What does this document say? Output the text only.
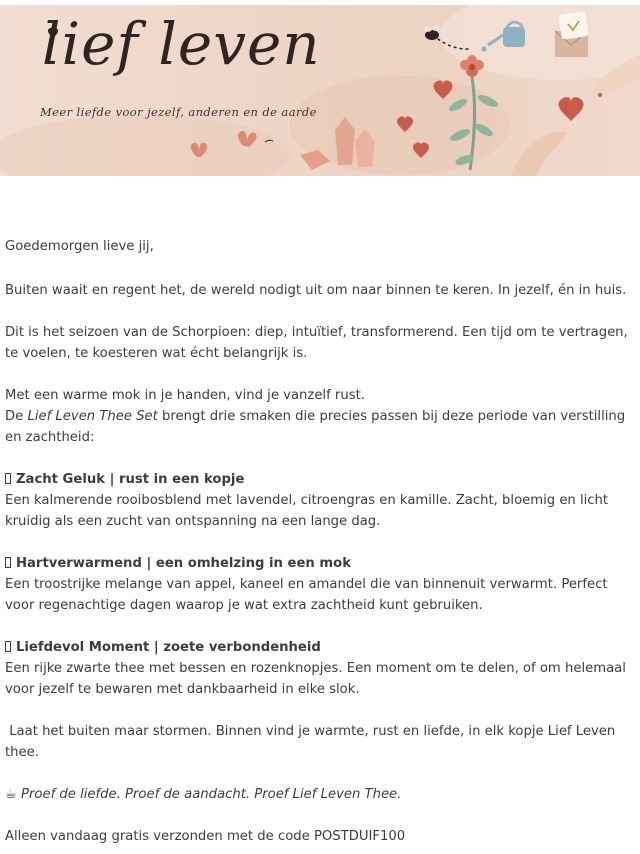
lief leven
Meer liefde voor jezelf, anderen en de aarde

Goedemorgen lieve jij,

Buiten waait en regent het, de wereld nodigt uit om naar binnen te keren. In jezelf, én in huis.

Dit is het seizoen van de Schorpioen: diep, intuïtief, transformerend. Een tijd om te vertragen, te voelen, te koesteren wat écht belangrijk is.

Met een warme mok in je handen, vind je vanzelf rust.
De Lief Leven Thee Set brengt drie smaken die precies passen bij deze periode van verstilling en zachtheid:

Zacht Geluk | rust in een kopje
Een kalmerende rooibosblend met lavendel, citroengras en kamille. Zacht, bloemig en licht kruidig als een zucht van ontspanning na een lange dag.

Hartverwarmend | een omhelzing in een mok
Een troostrijke melange van appel, kaneel en amandel die van binnenuit verwarmt. Perfect voor regenachtige dagen waarop je wat extra zachtheid kunt gebruiken.

Liefdevol Moment | zoete verbondenheid
Een rijke zwarte thee met bessen en rozenknopjes. Een moment om te delen, of om helemaal voor jezelf te bewaren met dankbaarheid in elke slok.

Laat het buiten maar stormen. Binnen vind je warmte, rust en liefde, in elk kopje Lief Leven thee.

☕ Proef de liefde. Proef de aandacht. Proef Lief Leven Thee.

Alleen vandaag gratis verzonden met de code POSTDUIF100
